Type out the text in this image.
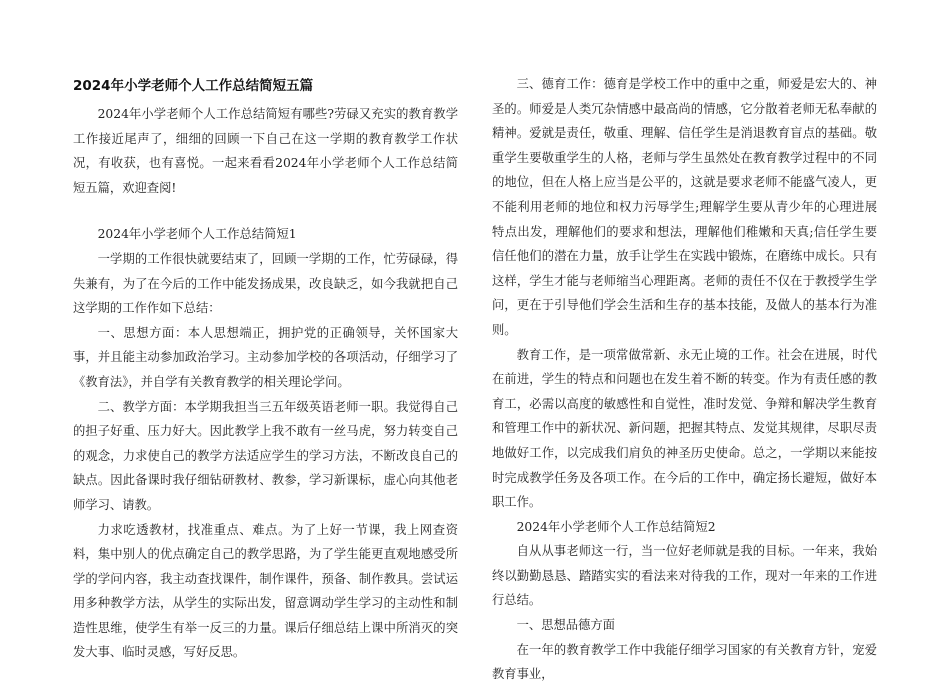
2024年小学老师个人工作总结简短五篇

2024年小学老师个人工作总结简短有哪些?劳碌又充实的教育教学工作接近尾声了，细细的回顾一下自己在这一学期的教育教学工作状况，有收获，也有喜悦。一起来看看2024年小学老师个人工作总结简短五篇，欢迎查阅!

2024年小学老师个人工作总结简短1

一学期的工作很快就要结束了，回顾一学期的工作，忙劳碌碌，得失兼有，为了在今后的工作中能发扬成果，改良缺乏，如今我就把自己这学期的工作作如下总结：

一、思想方面：本人思想端正，拥护党的正确领导，关怀国家大事，并且能主动参加政治学习。主动参加学校的各项活动，仔细学习了《教育法》，并自学有关教育教学的相关理论学问。

二、教学方面：本学期我担当三五年级英语老师一职。我觉得自己的担子好重、压力好大。因此教学上我不敢有一丝马虎，努力转变自己的观念，力求使自己的教学方法适应学生的学习方法，不断改良自己的缺点。因此备课时我仔细钻研教材、教参，学习新课标，虚心向其他老师学习、请教。

力求吃透教材，找准重点、难点。为了上好一节课，我上网查资料，集中别人的优点确定自己的教学思路，为了学生能更直观地感受所学的学问内容，我主动查找课件，制作课件，预备、制作教具。尝试运用多种教学方法，从学生的实际出发，留意调动学生学习的主动性和制造性思维，使学生有举一反三的力量。课后仔细总结上课中所消灭的突发大事、临时灵感，写好反思。

三、德育工作：德育是学校工作中的重中之重，师爱是宏大的、神圣的。师爱是人类冗杂情感中最高尚的情感，它分散着老师无私奉献的精神。爱就是责任，敬重、理解、信任学生是消退教育盲点的基础。敬重学生要敬重学生的人格，老师与学生虽然处在教育教学过程中的不同的地位，但在人格上应当是公平的，这就是要求老师不能盛气凌人，更不能利用老师的地位和权力污辱学生;理解学生要从青少年的心理进展特点出发，理解他们的要求和想法，理解他们稚嫩和天真;信任学生要信任他们的潜在力量，放手让学生在实践中锻炼，在磨练中成长。只有这样，学生才能与老师缩当心理距离。老师的责任不仅在于教授学生学问，更在于引导他们学会生活和生存的基本技能，及做人的基本行为准则。

教育工作，是一项常做常新、永无止境的工作。社会在进展，时代在前进，学生的特点和问题也在发生着不断的转变。作为有责任感的教育工，必需以高度的敏感性和自觉性，准时发觉、争辩和解决学生教育和管理工作中的新状况、新问题，把握其特点、发觉其规律，尽职尽责地做好工作，以完成我们肩负的神圣历史使命。总之，一学期以来能按时完成教学任务及各项工作。在今后的工作中，确定扬长避短，做好本职工作。

2024年小学老师个人工作总结简短2

自从从事老师这一行，当一位好老师就是我的目标。一年来，我始终以勤勤恳恳、踏踏实实的看法来对待我的工作，现对一年来的工作进行总结。

一、思想品德方面

在一年的教育教学工作中我能仔细学习国家的有关教育方针，宠爱教育事业，
